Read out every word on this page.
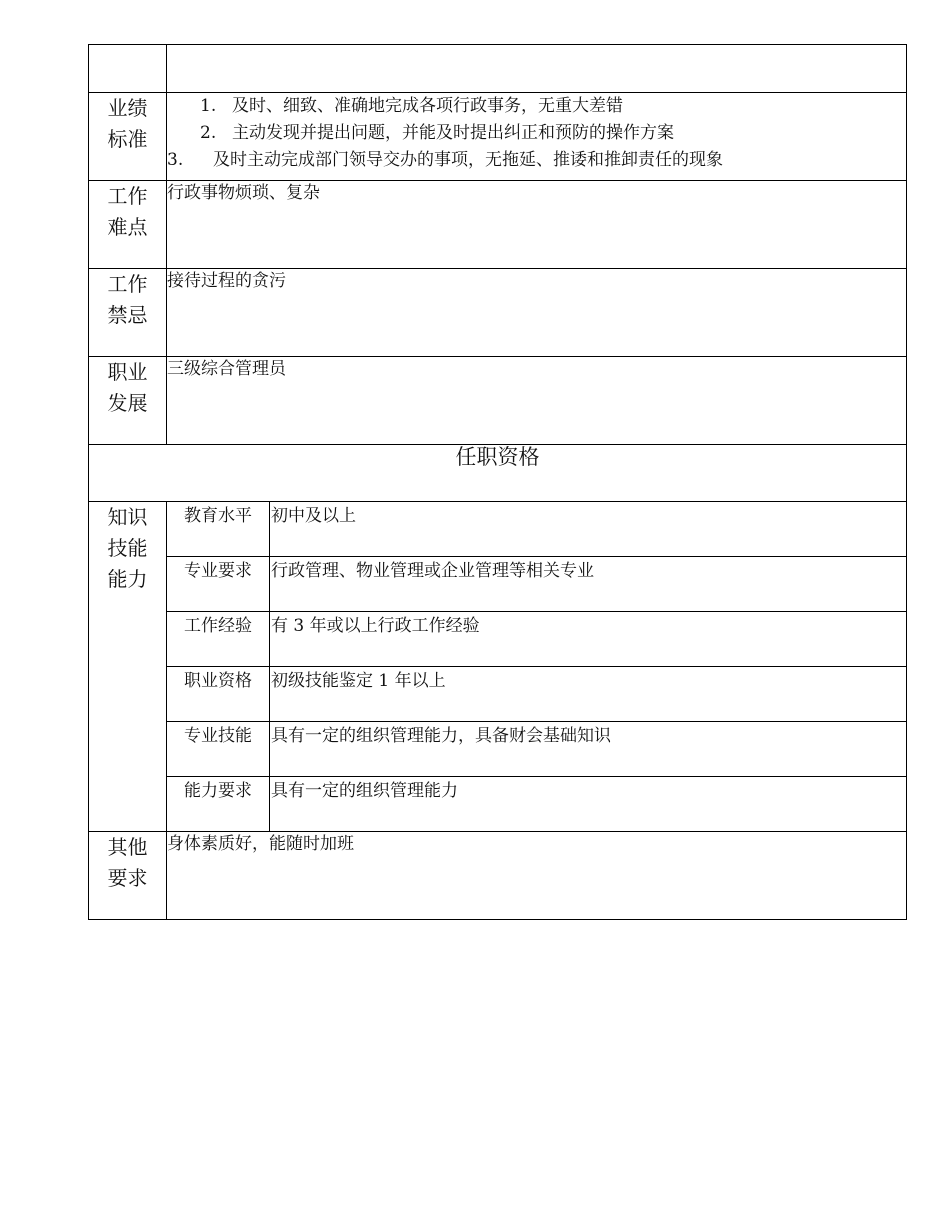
业绩
标准

1. 及时、细致、准确地完成各项行政事务，无重大差错
2. 主动发现并提出问题，并能及时提出纠正和预防的操作方案
3. 及时主动完成部门领导交办的事项，无拖延、推诿和推卸责任的现象

工作
难点
	行政事物烦琐、复杂

工作
禁忌
	接待过程的贪污

职业
发展
	三级综合管理员
任职资格

知识
技能
能力

教育水平	初中及以上
专业要求	行政管理、物业管理或企业管理等相关专业
工作经验	有 3 年或以上行政工作经验
职业资格	初级技能鉴定 1 年以上
专业技能	具有一定的组织管理能力，具备财会基础知识
能力要求	具有一定的组织管理能力

其他
要求
	身体素质好，能随时加班
